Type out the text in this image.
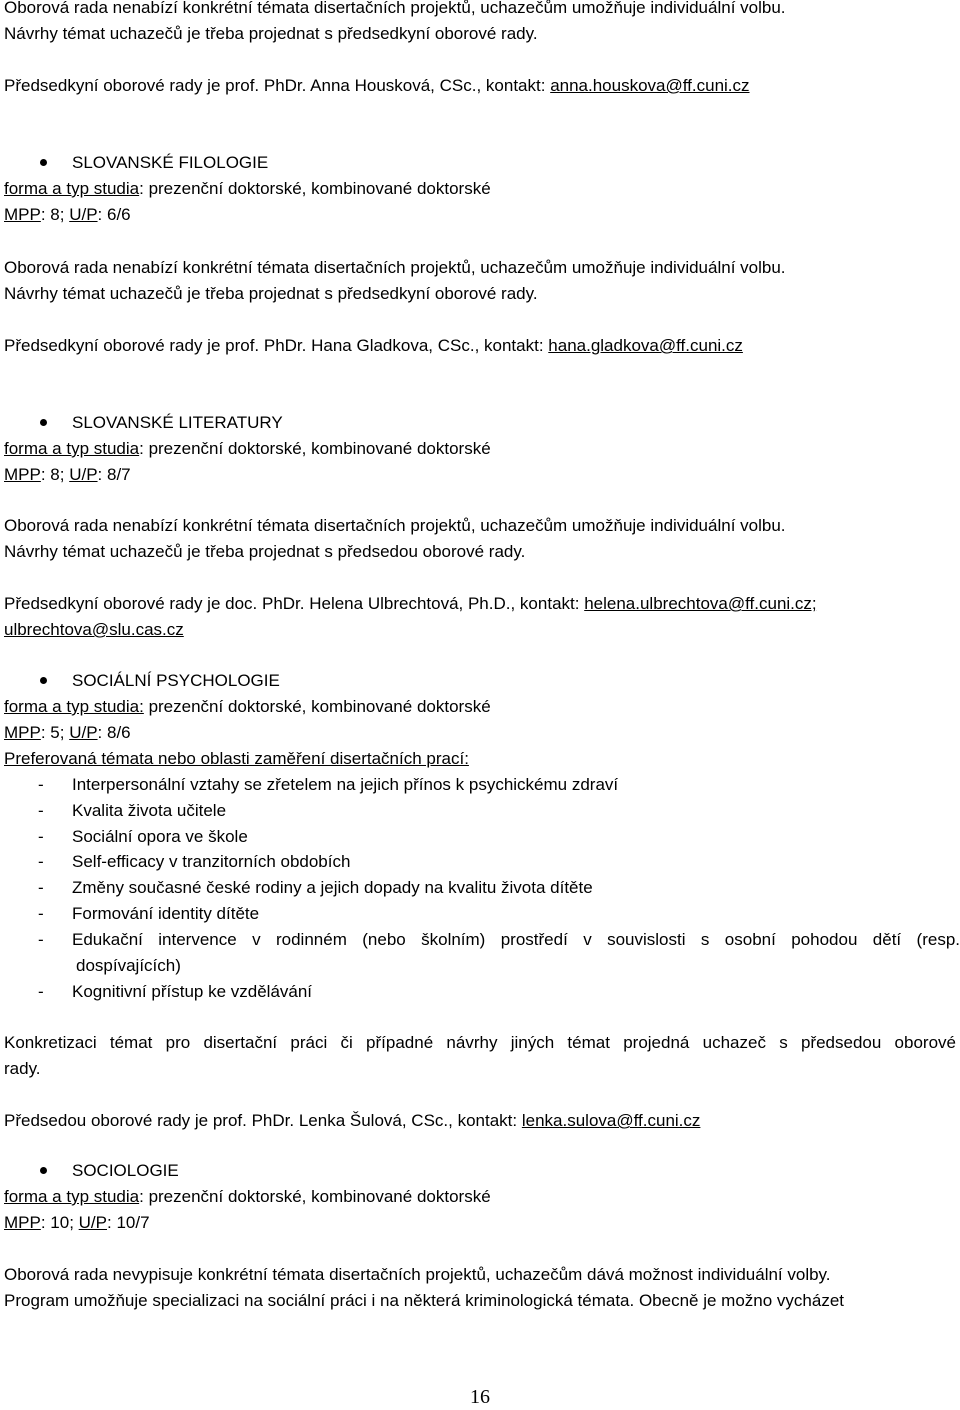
Oborová rada nenabízí konkrétní témata disertačních projektů, uchazečům umožňuje individuální volbu.
Návrhy témat uchazečů je třeba projednat s předsedkyní oborové rady.
Předsedkyní oborové rady je prof. PhDr. Anna Housková, CSc., kontakt: anna.houskova@ff.cuni.cz
SLOVANSKÉ FILOLOGIE
forma a typ studia: prezenční doktorské, kombinované doktorské
MPP: 8; U/P: 6/6
Oborová rada nenabízí konkrétní témata disertačních projektů, uchazečům umožňuje individuální volbu.
Návrhy témat uchazečů je třeba projednat s předsedkyní oborové rady.
Předsedkyní oborové rady je prof. PhDr. Hana Gladkova, CSc., kontakt: hana.gladkova@ff.cuni.cz
SLOVANSKÉ LITERATURY
forma a typ studia: prezenční doktorské, kombinované doktorské
MPP: 8; U/P: 8/7
Oborová rada nenabízí konkrétní témata disertačních projektů, uchazečům umožňuje individuální volbu.
Návrhy témat uchazečů je třeba projednat s předsedou oborové rady.
Předsedkyní oborové rady je doc. PhDr. Helena Ulbrechtová, Ph.D., kontakt: helena.ulbrechtova@ff.cuni.cz;
ulbrechtova@slu.cas.cz
SOCIÁLNÍ PSYCHOLOGIE
forma a typ studia: prezenční doktorské, kombinované doktorské
MPP: 5; U/P: 8/6
Preferovaná témata nebo oblasti zaměření disertačních prací:
- Interpersonální vztahy se zřetelem na jejich přínos k psychickému zdraví
- Kvalita života učitele
- Sociální opora ve škole
- Self-efficacy v tranzitorních obdobích
- Změny současné české rodiny a jejich dopady na kvalitu života dítěte
- Formování identity dítěte
- Edukační intervence v rodinném (nebo školním) prostředí v souvislosti s osobní pohodou dětí (resp.
dospívajících)
- Kognitivní přístup ke vzdělávání
Konkretizaci témat pro disertační práci či případné návrhy jiných témat projedná uchazeč s předsedou oborové
rady.
Předsedou oborové rady je prof. PhDr. Lenka Šulová, CSc., kontakt: lenka.sulova@ff.cuni.cz
SOCIOLOGIE
forma a typ studia: prezenční doktorské, kombinované doktorské
MPP: 10; U/P: 10/7
Oborová rada nevypisuje konkrétní témata disertačních projektů, uchazečům dává možnost individuální volby.
Program umožňuje specializaci na sociální práci i na některá kriminologická témata. Obecně je možno vycházet
16
